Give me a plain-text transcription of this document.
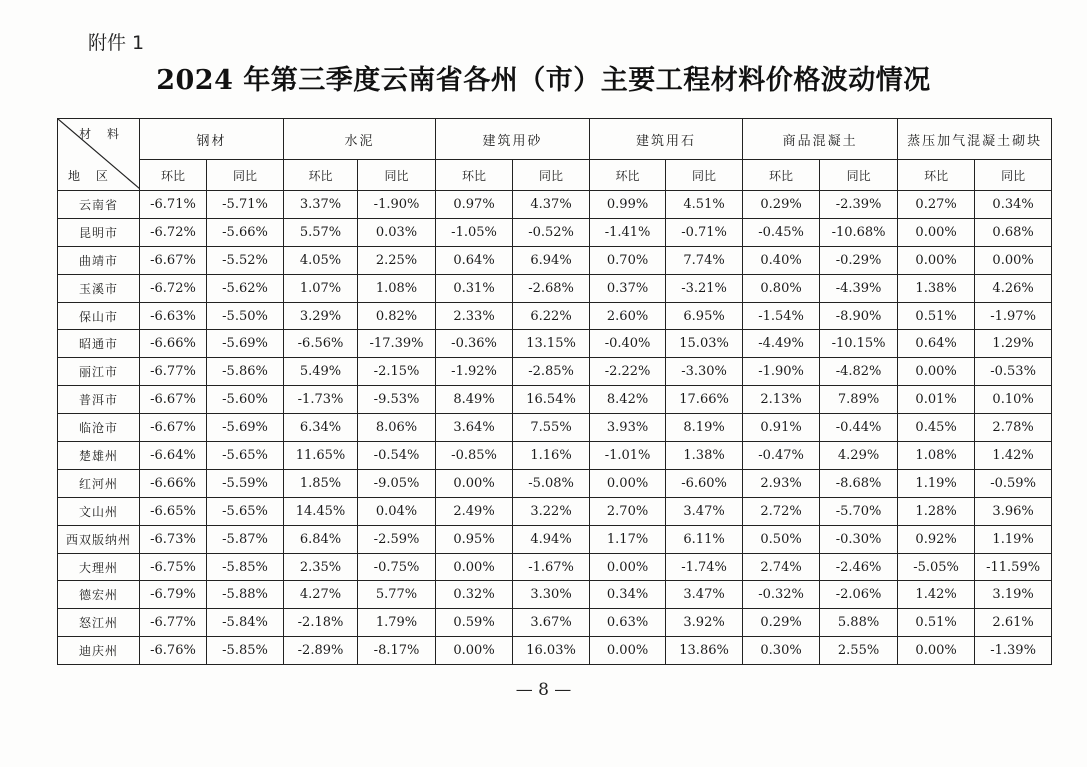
附件 1
2024 年第三季度云南省各州（市）主要工程材料价格波动情况
材 料
地 区	钢材		水泥		建筑用砂		建筑用石		商品混凝土		蒸压加气混凝土砌块	
	环比	同比	环比	同比	环比	同比	环比	同比	环比	同比	环比	同比
云南省	-6.71%	-5.71%	3.37%	-1.90%	0.97%	4.37%	0.99%	4.51%	0.29%	-2.39%	0.27%	0.34%
昆明市	-6.72%	-5.66%	5.57%	0.03%	-1.05%	-0.52%	-1.41%	-0.71%	-0.45%	-10.68%	0.00%	0.68%
曲靖市	-6.67%	-5.52%	4.05%	2.25%	0.64%	6.94%	0.70%	7.74%	0.40%	-0.29%	0.00%	0.00%
玉溪市	-6.72%	-5.62%	1.07%	1.08%	0.31%	-2.68%	0.37%	-3.21%	0.80%	-4.39%	1.38%	4.26%
保山市	-6.63%	-5.50%	3.29%	0.82%	2.33%	6.22%	2.60%	6.95%	-1.54%	-8.90%	0.51%	-1.97%
昭通市	-6.66%	-5.69%	-6.56%	-17.39%	-0.36%	13.15%	-0.40%	15.03%	-4.49%	-10.15%	0.64%	1.29%
丽江市	-6.77%	-5.86%	5.49%	-2.15%	-1.92%	-2.85%	-2.22%	-3.30%	-1.90%	-4.82%	0.00%	-0.53%
普洱市	-6.67%	-5.60%	-1.73%	-9.53%	8.49%	16.54%	8.42%	17.66%	2.13%	7.89%	0.01%	0.10%
临沧市	-6.67%	-5.69%	6.34%	8.06%	3.64%	7.55%	3.93%	8.19%	0.91%	-0.44%	0.45%	2.78%
楚雄州	-6.64%	-5.65%	11.65%	-0.54%	-0.85%	1.16%	-1.01%	1.38%	-0.47%	4.29%	1.08%	1.42%
红河州	-6.66%	-5.59%	1.85%	-9.05%	0.00%	-5.08%	0.00%	-6.60%	2.93%	-8.68%	1.19%	-0.59%
文山州	-6.65%	-5.65%	14.45%	0.04%	2.49%	3.22%	2.70%	3.47%	2.72%	-5.70%	1.28%	3.96%
西双版纳州	-6.73%	-5.87%	6.84%	-2.59%	0.95%	4.94%	1.17%	6.11%	0.50%	-0.30%	0.92%	1.19%
大理州	-6.75%	-5.85%	2.35%	-0.75%	0.00%	-1.67%	0.00%	-1.74%	2.74%	-2.46%	-5.05%	-11.59%
德宏州	-6.79%	-5.88%	4.27%	5.77%	0.32%	3.30%	0.34%	3.47%	-0.32%	-2.06%	1.42%	3.19%
怒江州	-6.77%	-5.84%	-2.18%	1.79%	0.59%	3.67%	0.63%	3.92%	0.29%	5.88%	0.51%	2.61%
迪庆州	-6.76%	-5.85%	-2.89%	-8.17%	0.00%	16.03%	0.00%	13.86%	0.30%	2.55%	0.00%	-1.39%
— 8 —
